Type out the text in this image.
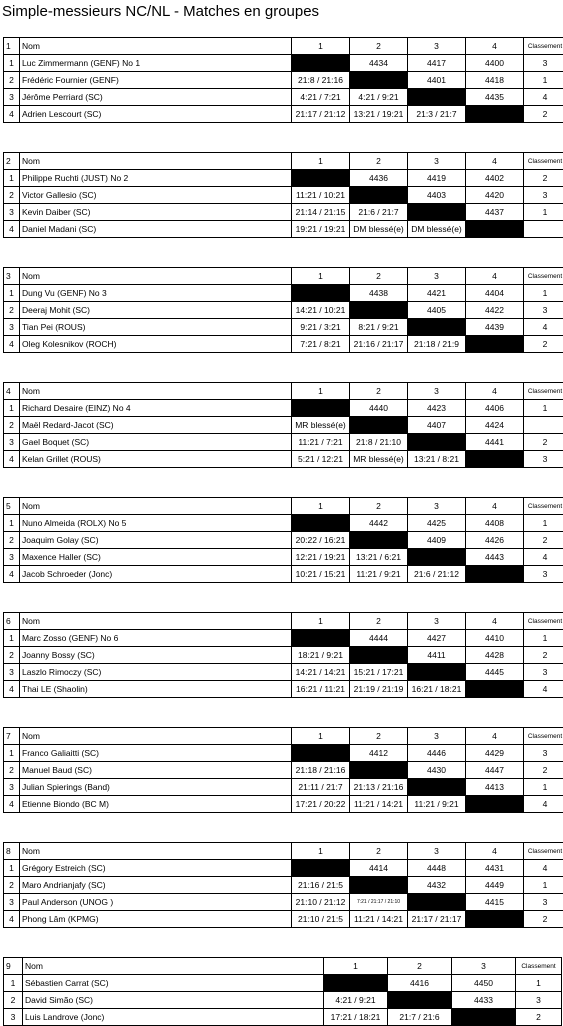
Simple-messieurs NC/NL - Matches en groupes
1	Nom	1	2	3	4	Classement
1	Luc Zimmermann (GENF) No 1		4434	4417	4400	3
2	Frédéric Fournier (GENF)	21:8 / 21:16		4401	4418	1
3	Jérôme Perriard (SC)	4:21 / 7:21	4:21 / 9:21		4435	4
4	Adrien Lescourt (SC)	21:17 / 21:12	13:21 / 19:21	21:3 / 21:7		2
2	Nom	1	2	3	4	Classement
1	Philippe Ruchti (JUST) No 2		4436	4419	4402	2
2	Victor Gallesio (SC)	11:21 / 10:21		4403	4420	3
3	Kevin Daiber (SC)	21:14 / 21:15	21:6 / 21:7		4437	1
4	Daniel Madani (SC)	19:21 / 19:21	DM blessé(e)	DM blessé(e)		
3	Nom	1	2	3	4	Classement
1	Dung Vu (GENF) No 3		4438	4421	4404	1
2	Deeraj Mohit (SC)	14:21 / 10:21		4405	4422	3
3	Tian Pei (ROUS)	9:21 / 3:21	8:21 / 9:21		4439	4
4	Oleg Kolesnikov (ROCH)	7:21 / 8:21	21:16 / 21:17	21:18 / 21:9		2
4	Nom	1	2	3	4	Classement
1	Richard Desaire (EINZ) No 4		4440	4423	4406	1
2	Maël Redard-Jacot (SC)	MR blessé(e)		4407	4424	
3	Gael Boquet (SC)	11:21 / 7:21	21:8 / 21:10		4441	2
4	Kelan Grillet (ROUS)	5:21 / 12:21	MR blessé(e)	13:21 / 8:21		3
5	Nom	1	2	3	4	Classement
1	Nuno Almeida (ROLX) No 5		4442	4425	4408	1
2	Joaquim Golay (SC)	20:22 / 16:21		4409	4426	2
3	Maxence Haller (SC)	12:21 / 19:21	13:21 / 6:21		4443	4
4	Jacob Schroeder (Jonc)	10:21 / 15:21	11:21 / 9:21	21:6 / 21:12		3
6	Nom	1	2	3	4	Classement
1	Marc Zosso (GENF) No 6		4444	4427	4410	1
2	Joanny Bossy (SC)	18:21 / 9:21		4411	4428	2
3	Laszlo Rimoczy (SC)	14:21 / 14:21	15:21 / 17:21		4445	3
4	Thai LE (Shaolin)	16:21 / 11:21	21:19 / 21:19	16:21 / 18:21		4
7	Nom	1	2	3	4	Classement
1	Franco Galiaitti (SC)		4412	4446	4429	3
2	Manuel Baud (SC)	21:18 / 21:16		4430	4447	2
3	Julian Spierings (Band)	21:11 / 21:7	21:13 / 21:16		4413	1
4	Etienne Biondo (BC M)	17:21 / 20:22	11:21 / 14:21	11:21 / 9:21		4
8	Nom	1	2	3	4	Classement
1	Grégory Estreich (SC)		4414	4448	4431	4
2	Maro Andrianjafy (SC)	21:16 / 21:5		4432	4449	1
3	Paul Anderson (UNOG )	21:10 / 21:12	7:21 / 21:17 / 21:10		4415	3
4	Phong Lâm (KPMG)	21:10 / 21:5	11:21 / 14:21	21:17 / 21:17		2
9	Nom	1	2	3	Classement
1	Sébastien Carrat (SC)		4416	4450	1
2	David Simão (SC)	4:21 / 9:21		4433	3
3	Luis Landrove (Jonc)	17:21 / 18:21	21:7 / 21:6		2
